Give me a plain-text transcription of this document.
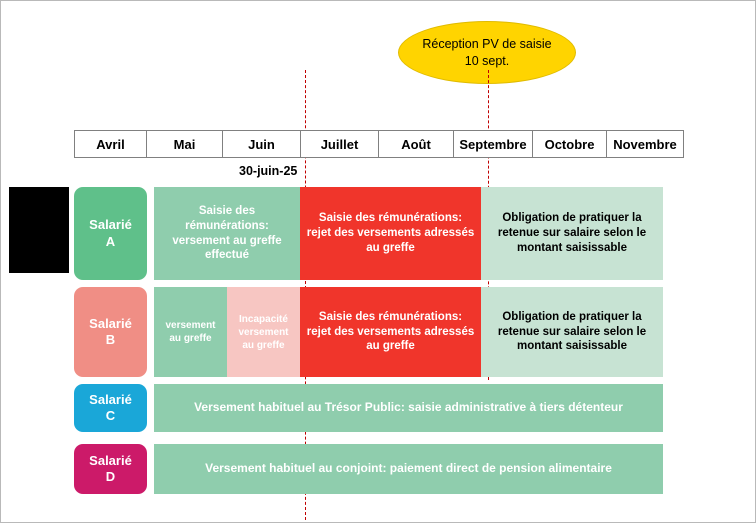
Réception PV de saisie 10 sept.
Avril	Mai	Juin	Juillet	Août	Septembre	Octobre	Novembre
30-juin-25
Salarié
A
Saisie des rémunérations: versement au greffe effectué
Saisie des rémunérations: rejet des versements adressés au greffe
Obligation de pratiquer la retenue sur salaire selon le montant saisissable
Salarié
B
versement au greffe
Incapacité versement au greffe
Saisie des rémunérations: rejet des versements adressés au greffe
Obligation de pratiquer la retenue sur salaire selon le montant saisissable
Salarié
C
Versement habituel au Trésor Public: saisie administrative à tiers détenteur
Salarié
D
Versement habituel au conjoint: paiement direct de pension alimentaire
